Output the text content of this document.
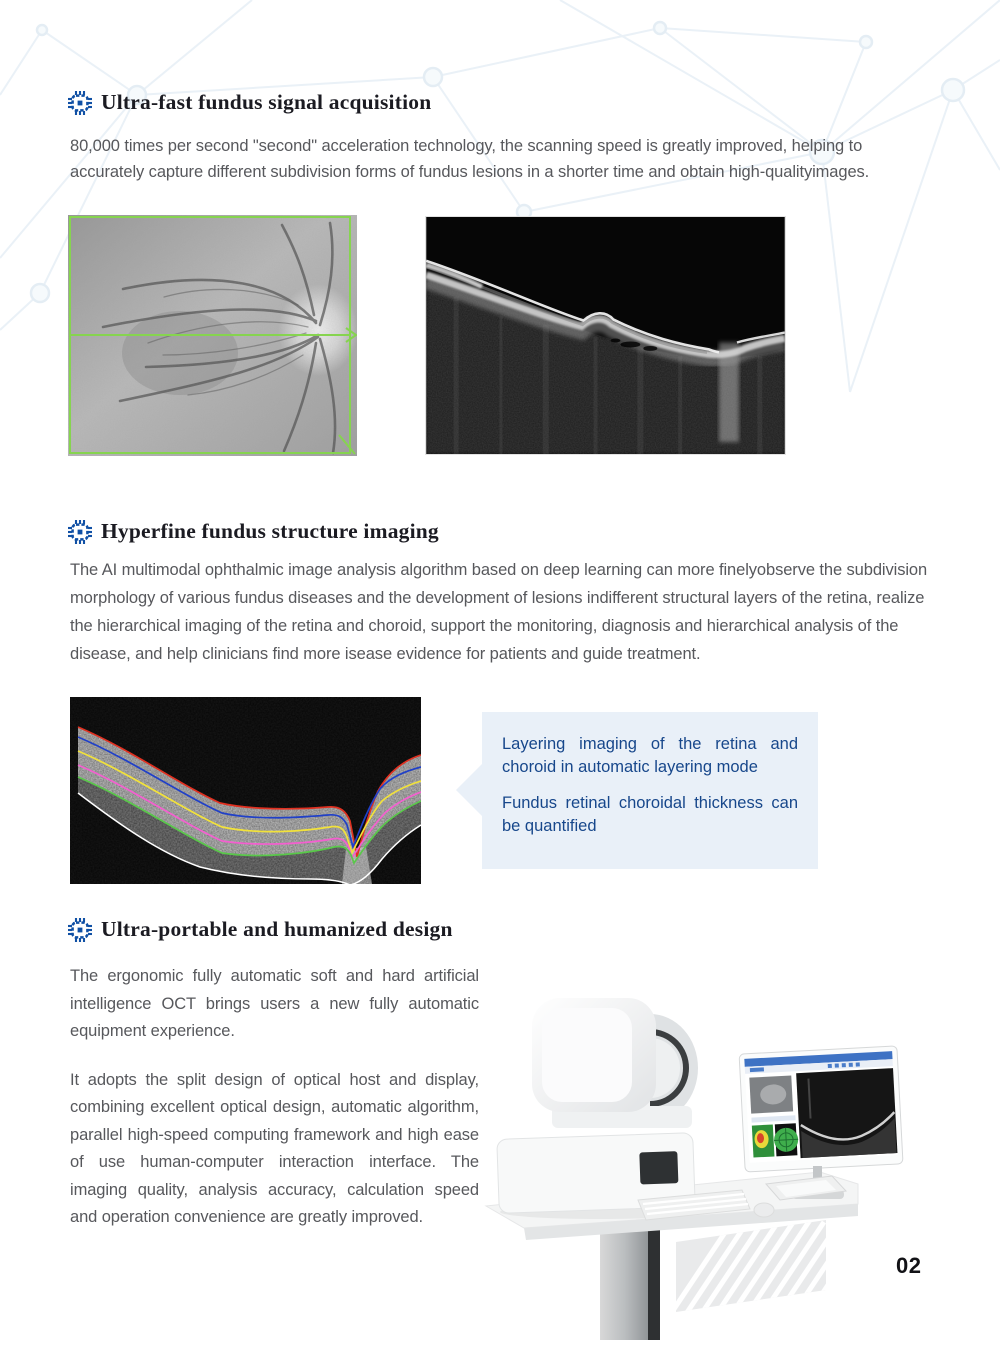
Ultra-fast fundus signal acquisition

80,000 times per second "second" acceleration technology, the scanning speed is greatly improved, helping to accurately capture different subdivision forms of fundus lesions in a shorter time and obtain high-qualityimages.

Hyperfine fundus structure imaging

The AI multimodal ophthalmic image analysis algorithm based on deep learning can more finelyobserve the subdivision morphology of various fundus diseases and the development of lesions indifferent structural layers of the retina, realize the hierarchical imaging of the retina and choroid, support the monitoring, diagnosis and hierarchical analysis of the disease, and help clinicians find more isease evidence for patients and guide treatment.

Layering imaging of the retina and choroid in automatic layering mode

Fundus retinal choroidal thickness can be quantified

Ultra-portable and humanized design

The ergonomic fully automatic soft and hard artificial intelligence OCT brings users a new fully automatic equipment experience.

It adopts the split design of optical host and display, combining excellent optical design, automatic algorithm, parallel high-speed computing framework and high ease of use human-computer interaction interface. The imaging quality, analysis accuracy, calculation speed and operation convenience are greatly improved.

02
